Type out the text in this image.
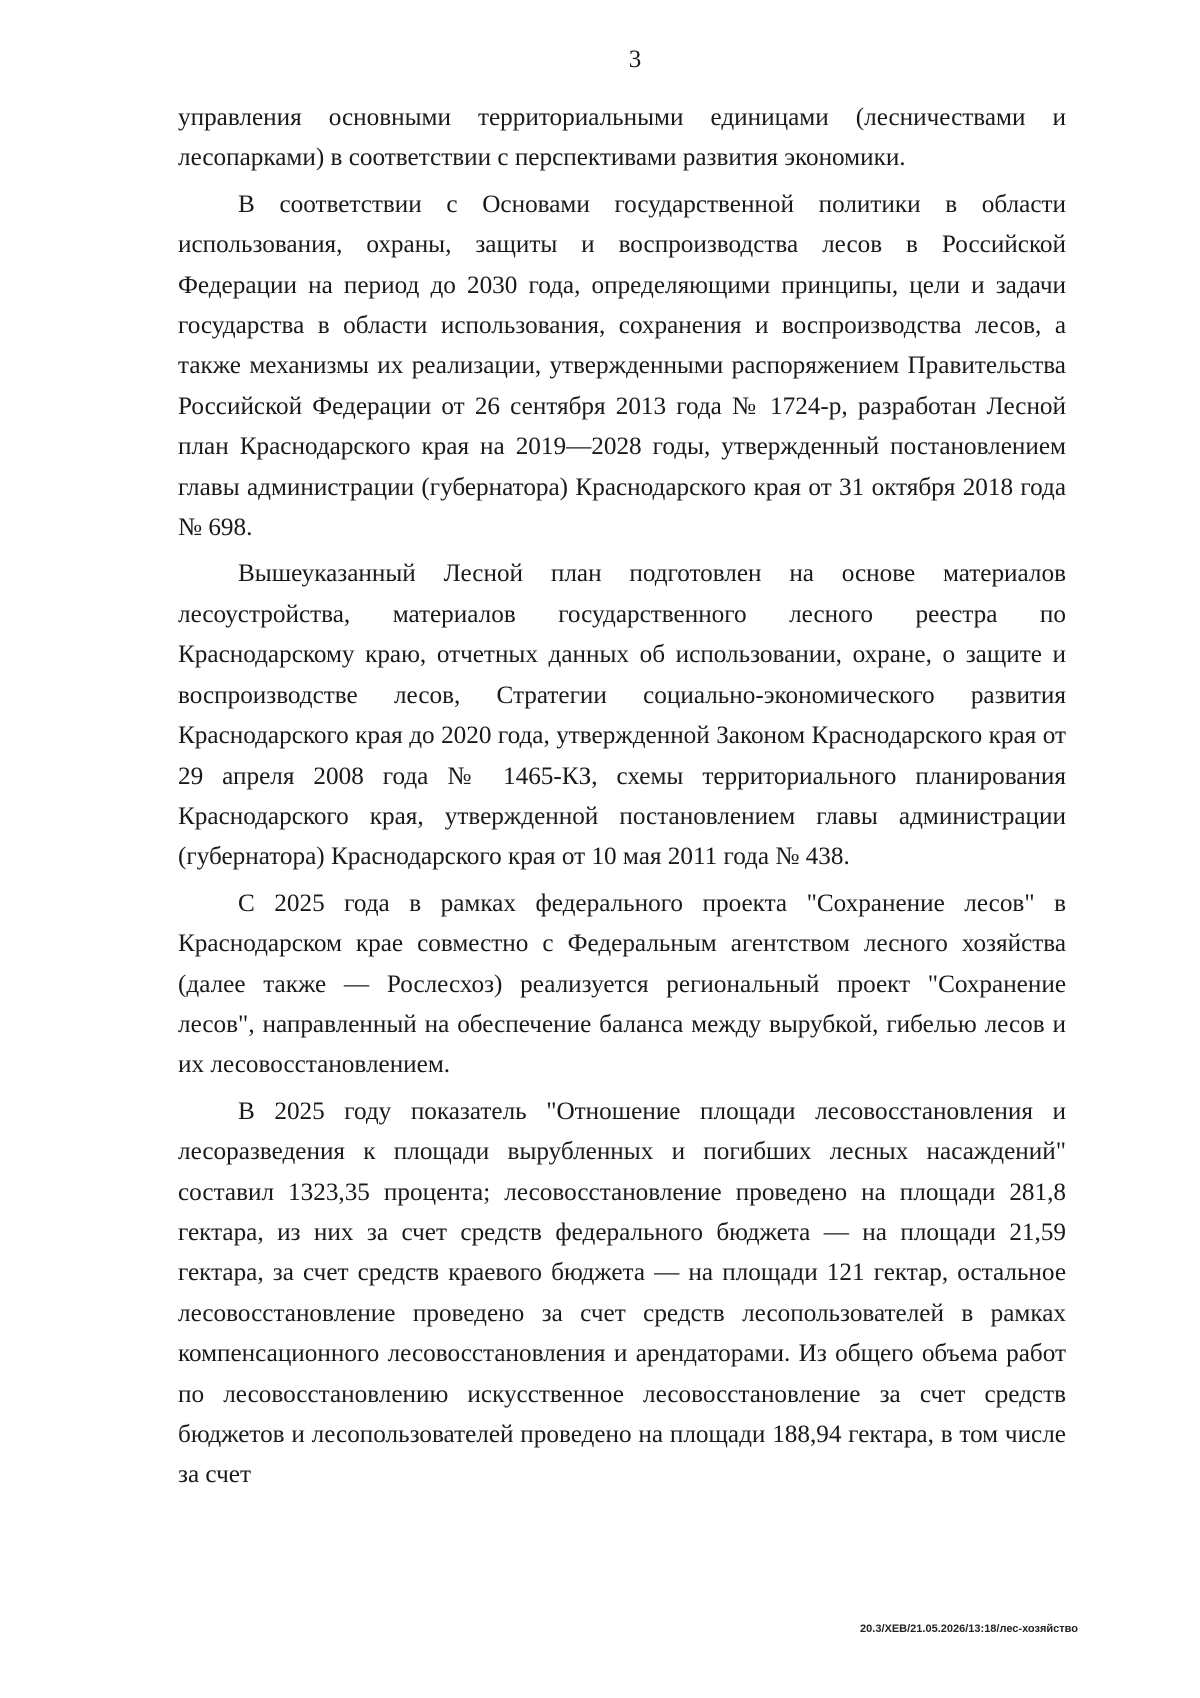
3

управления основными территориальными единицами (лесничествами и лесопарками) в соответствии с перспективами развития экономики.

В соответствии с Основами государственной политики в области использования, охраны, защиты и воспроизводства лесов в Российской Федерации на период до 2030 года, определяющими принципы, цели и задачи государства в области использования, сохранения и воспроизводства лесов, а также механизмы их реализации, утвержденными распоряжением Правительства Российской Федерации от 26 сентября 2013 года № 1724-р, разработан Лесной план Краснодарского края на 2019—2028 годы, утвержденный постановлением главы администрации (губернатора) Краснодарского края от 31 октября 2018 года № 698.

Вышеуказанный Лесной план подготовлен на основе материалов лесоустройства, материалов государственного лесного реестра по Краснодарскому краю, отчетных данных об использовании, охране, о защите и воспроизводстве лесов, Стратегии социально-экономического развития Краснодарского края до 2020 года, утвержденной Законом Краснодарского края от 29 апреля 2008 года № 1465-КЗ, схемы территориального планирования Краснодарского края, утвержденной постановлением главы администрации (губернатора) Краснодарского края от 10 мая 2011 года № 438.

С 2025 года в рамках федерального проекта "Сохранение лесов" в Краснодарском крае совместно с Федеральным агентством лесного хозяйства (далее также — Рослесхоз) реализуется региональный проект "Сохранение лесов", направленный на обеспечение баланса между вырубкой, гибелью лесов и их лесовосстановлением.

В 2025 году показатель "Отношение площади лесовосстановления и лесоразведения к площади вырубленных и погибших лесных насаждений" составил 1323,35 процента; лесовосстановление проведено на площади 281,8 гектара, из них за счет средств федерального бюджета — на площади 21,59 гектара, за счет средств краевого бюджета — на площади 121 гектар, остальное лесовосстановление проведено за счет средств лесопользователей в рамках компенсационного лесовосстановления и арендаторами. Из общего объема работ по лесовосстановлению искусственное лесовосстановление за счет средств бюджетов и лесопользователей проведено на площади 188,94 гектара, в том числе за счет

20.3/ХЕВ/21.05.2026/13:18/лес-хозяйство
